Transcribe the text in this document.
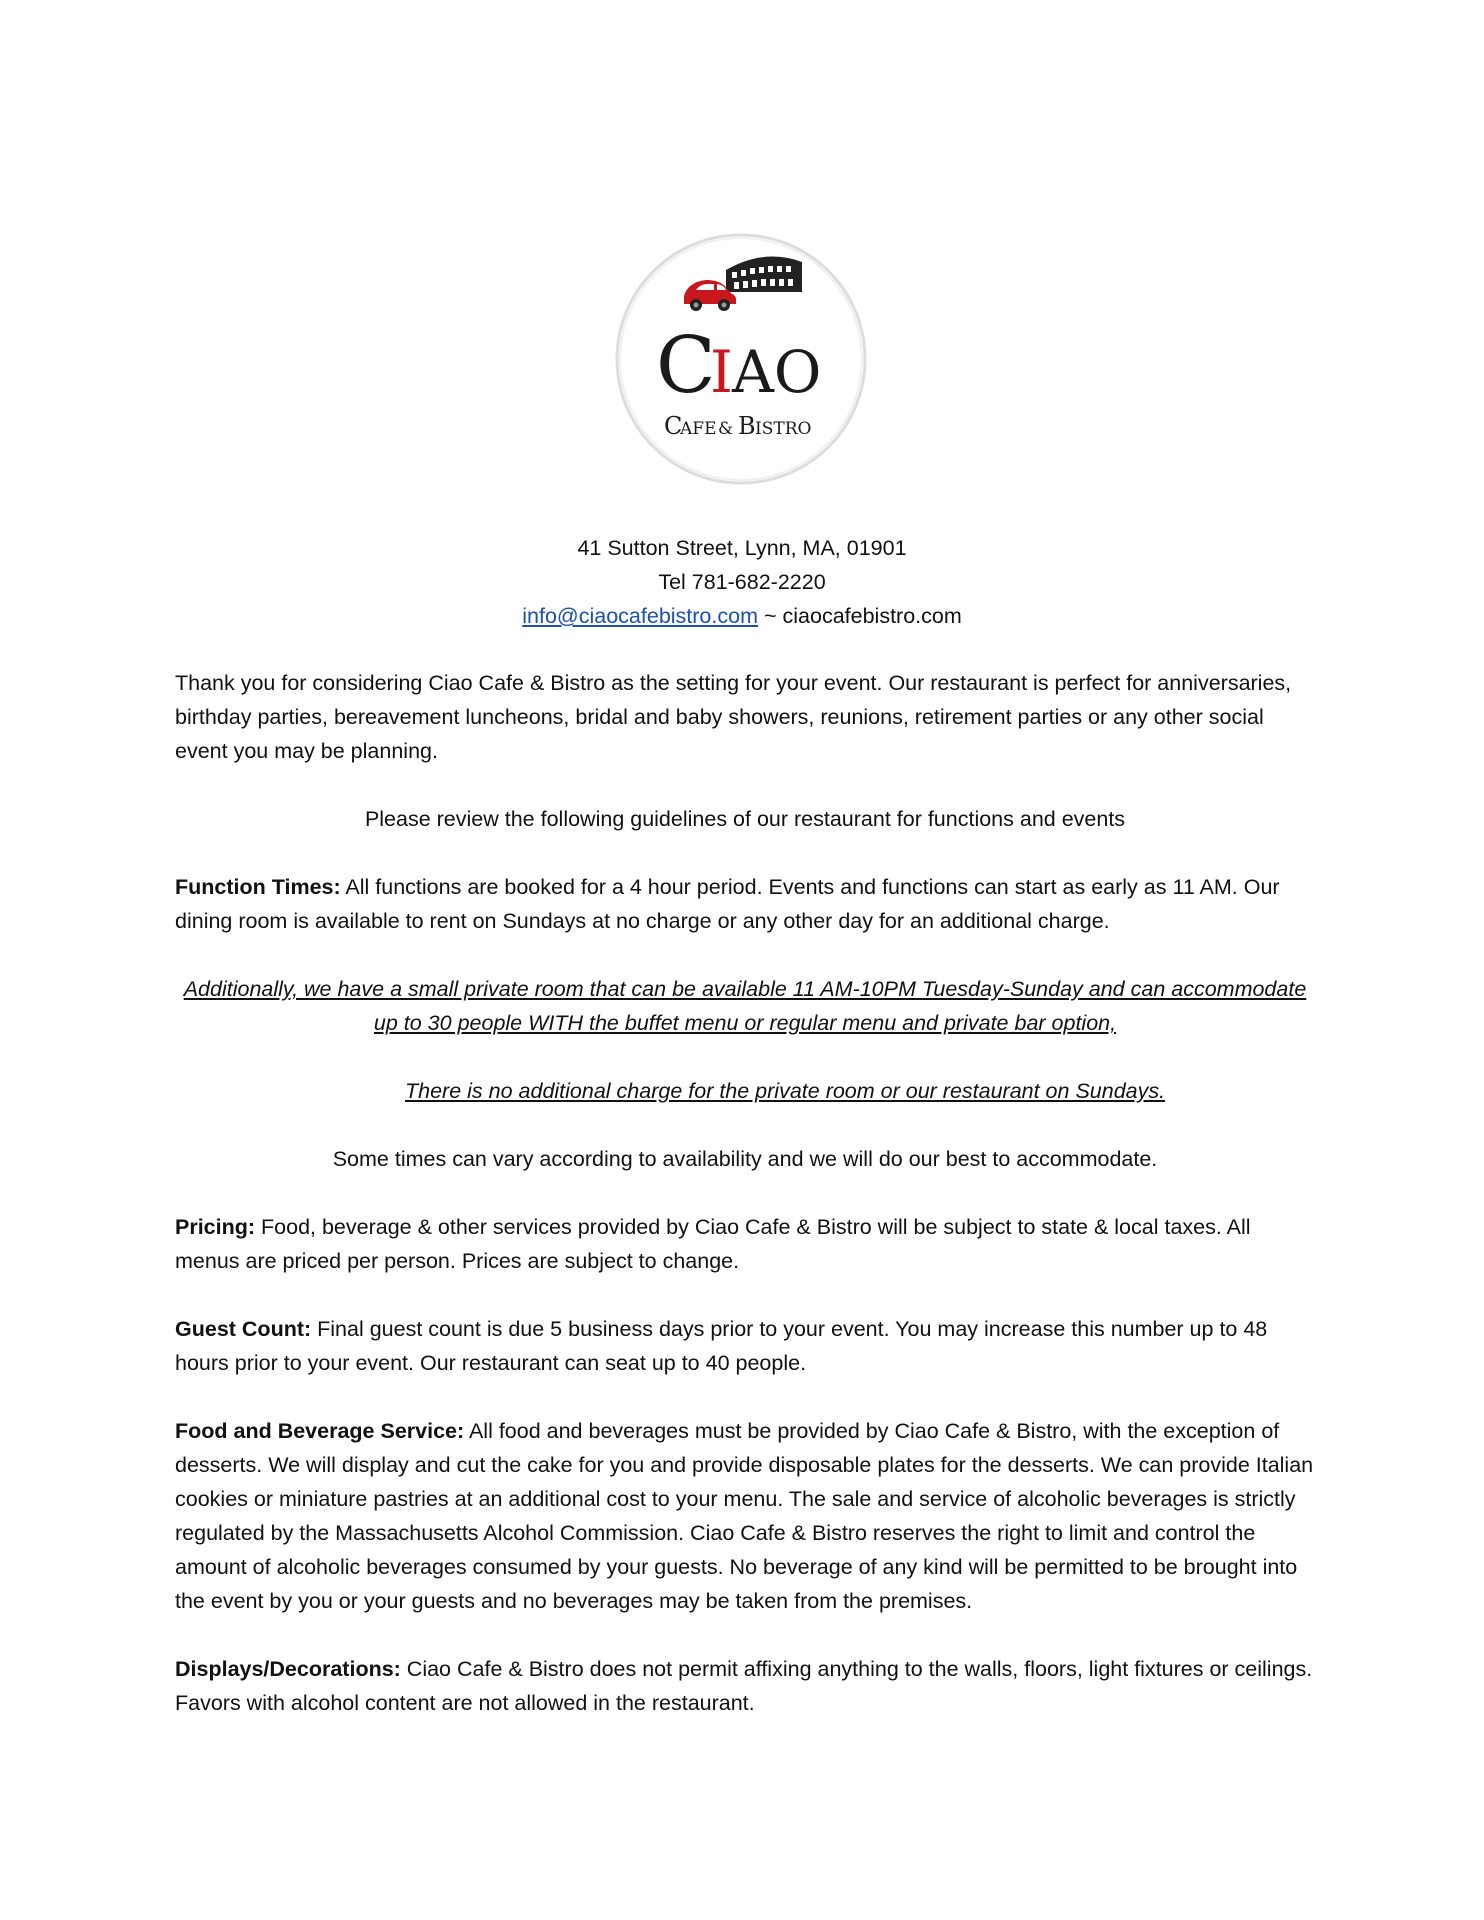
C
I AO
C
AFE & B ISTRO
41 Sutton Street, Lynn, MA, 01901
Tel 781-682-2220
info@ciaocafebistro.com ~ ciaocafebistro.com

Thank you for considering Ciao Cafe & Bistro as the setting for your event. Our restaurant is perfect for anniversaries, birthday parties, bereavement luncheons, bridal and baby showers, reunions, retirement parties or any other social event you may be planning.

Please review the following guidelines of our restaurant for functions and events

Function Times: All functions are booked for a 4 hour period. Events and functions can start as early as 11 AM. Our dining room is available to rent on Sundays at no charge or any other day for an additional charge.

Additionally, we have a small private room that can be available 11 AM-10PM Tuesday-Sunday and can accommodate up to 30 people WITH the buffet menu or regular menu and private bar option,

There is no additional charge for the private room or our restaurant on Sundays.

Some times can vary according to availability and we will do our best to accommodate.

Pricing: Food, beverage & other services provided by Ciao Cafe & Bistro will be subject to state & local taxes. All menus are priced per person. Prices are subject to change.

Guest Count: Final guest count is due 5 business days prior to your event. You may increase this number up to 48 hours prior to your event. Our restaurant can seat up to 40 people.

Food and Beverage Service: All food and beverages must be provided by Ciao Cafe & Bistro, with the exception of desserts. We will display and cut the cake for you and provide disposable plates for the desserts. We can provide Italian cookies or miniature pastries at an additional cost to your menu. The sale and service of alcoholic beverages is strictly regulated by the Massachusetts Alcohol Commission. Ciao Cafe & Bistro reserves the right to limit and control the amount of alcoholic beverages consumed by your guests. No beverage of any kind will be permitted to be brought into the event by you or your guests and no beverages may be taken from the premises.

Displays/Decorations: Ciao Cafe & Bistro does not permit affixing anything to the walls, floors, light fixtures or ceilings. Favors with alcohol content are not allowed in the restaurant.
